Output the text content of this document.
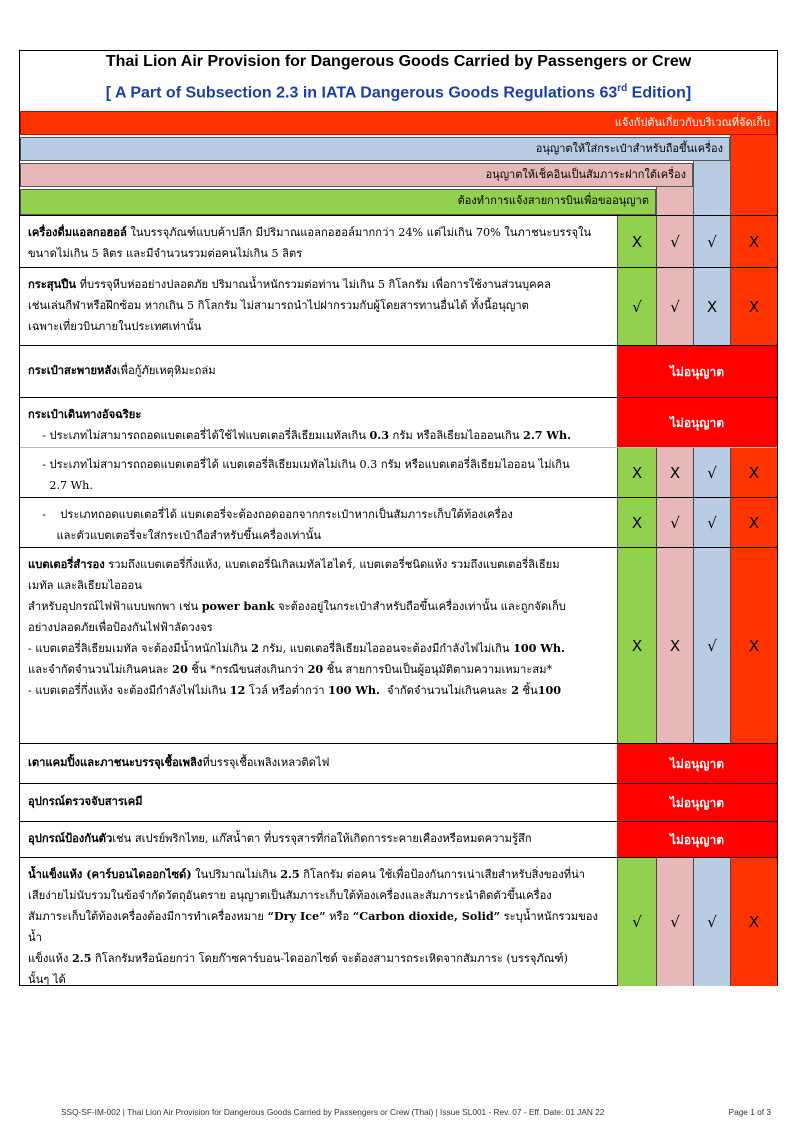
Thai Lion Air Provision for Dangerous Goods Carried by Passengers or Crew
[ A Part of Subsection 2.3 in IATA Dangerous Goods Regulations 63rd Edition]
แจ้งกัปตันเกี่ยวกับบริเวณที่จัดเก็บ
อนุญาตให้ใส่กระเป๋าสำหรับถือขึ้นเครื่อง
อนุญาตให้เช็คอินเป็นสัมภาระฝากใต้เครื่อง
ต้องทำการแจ้งสายการบินเพื่อขออนุญาต
เครื่องดื่มแอลกอฮอล์ ในบรรจุภัณฑ์แบบค้าปลีก มีปริมาณแอลกอฮอล์มากกว่า 24% แต่ไม่เกิน 70% ในภาชนะบรรจุใน
ขนาดไม่เกิน 5 ลิตร และมีจำนวนรวมต่อคนไม่เกิน 5 ลิตร
X	√	√	X
กระสุนปืน ที่บรรจุหีบห่ออย่างปลอดภัย ปริมาณน้ำหนักรวมต่อท่าน ไม่เกิน 5 กิโลกรัม เพื่อการใช้งานส่วนบุคคล
เช่นเล่นกีฬาหรือฝึกซ้อม หากเกิน 5 กิโลกรัม ไม่สามารถนำไปฝากรวมกับผู้โดยสารทานอื่นได้ ทั้งนี้อนุญาต
เฉพาะเที่ยวบินภายในประเทศเท่านั้น
√	√	X	X
กระเป๋าสะพายหลัง เพื่อกู้ภัยเหตุหิมะถล่ม	ไม่อนุญาต
กระเป๋าเดินทางอัจฉริยะ
- ประเภทไม่สามารถถอดแบตเตอรี่ได้ใช้ไฟแบตเตอรี่ลิเธียมเมทัลเกิน 0.3 กรัม หรือลิเธียมไอออนเกิน 2.7 Wh.
ไม่อนุญาต
- ประเภทไม่สามารถถอดแบตเตอรี่ได้ แบตเตอรี่ลิเธียมเมทัลไม่เกิน 0.3 กรัม หรือแบตเตอรี่ลิเธียมไอออน ไม่เกิน
2.7 Wh.
X	X	√	X
-    ประเภทถอดแบตเตอรี่ได้ แบตเตอรี่จะต้องถอดออกจากกระเป๋าหากเป็นสัมภาระเก็บใต้ท้องเครื่อง
และตัวแบตเตอรี่จะใส่กระเป๋าถือสำหรับขึ้นเครื่องเท่านั้น
X	√	√	X
แบตเตอรี่สำรอง รวมถึงแบตเตอรี่กึ่งแห้ง, แบตเตอรี่นิเกิลเมทัลไฮไดร์, แบตเตอรี่ชนิดแห้ง รวมถึงแบตเตอรี่ลิเธียม
เมทัล และลิเธียมไอออน
สำหรับอุปกรณ์ไฟฟ้าแบบพกพา เช่น power bank จะต้องอยู่ในกระเป๋าสำหรับถือขึ้นเครื่องเท่านั้น และถูกจัดเก็บ
อย่างปลอดภัยเพื่อป้องกันไฟฟ้าลัดวงจร
- แบตเตอรี่ลิเธียมเมทัล จะต้องมีน้ำหนักไม่เกิน 2 กรัม, แบตเตอรี่ลิเธียมไอออนจะต้องมีกำลังไฟไม่เกิน 100 Wh.
และจำกัดจำนวนไม่เกินคนละ 20 ชิ้น *กรณีขนส่งเกินกว่า 20 ชิ้น สายการบินเป็นผู้อนุมัติตามความเหมาะสม*
- แบตเตอรี่กึ่งแห้ง จะต้องมีกำลังไฟไม่เกิน 12 โวล์ หรือต่ำกว่า 100 Wh.  จำกัดจำนวนไม่เกินคนละ 2 ชิ้น100
X	X	√	X
เตาแคมปิ้งและภาชนะบรรจุเชื้อเพลิง ที่บรรจุเชื้อเพลิงเหลวติดไฟ	ไม่อนุญาต
อุปกรณ์ตรวจจับสารเคมี	ไม่อนุญาต
อุปกรณ์ป้องกันตัว เช่น สเปรย์พริกไทย, แก๊สน้ำตา ที่บรรจุสารที่ก่อให้เกิดการระคายเคืองหรือหมดความรู้สึก	ไม่อนุญาต
น้ำแข็งแห้ง (คาร์บอนไดออกไซด์) ในปริมาณไม่เกิน 2.5 กิโลกรัม ต่อคน ใช้เพื่อป้องกันการเน่าเสียสำหรับสิ่งของที่น่า
เสียง่ายไม่นับรวมในข้อจำกัดวัตถุอันตราย อนุญาตเป็นสัมภาระเก็บใต้ท้องเครื่องและสัมภาระนำติดตัวขึ้นเครื่อง
สัมภาระเก็บใต้ท้องเครื่องต้องมีการทำเครื่องหมาย “Dry Ice” หรือ “Carbon dioxide, Solid” ระบุน้ำหนักรวมของน้ำ
แข็งแห้ง 2.5 กิโลกรัมหรือน้อยกว่า โดยก๊าซคาร์บอน-ไดออกไซด์ จะต้องสามารถระเหิดจากสัมภาระ (บรรจุภัณฑ์)
นั้นๆ ได้
√	√	√	X
SSQ-SF-IM-002 | Thai Lion Air Provision for Dangerous Goods Carried by Passengers or Crew (Thai) | Issue SL001 - Rev. 07 - Eff. Date: 01 JAN 22	Page 1 of 3
